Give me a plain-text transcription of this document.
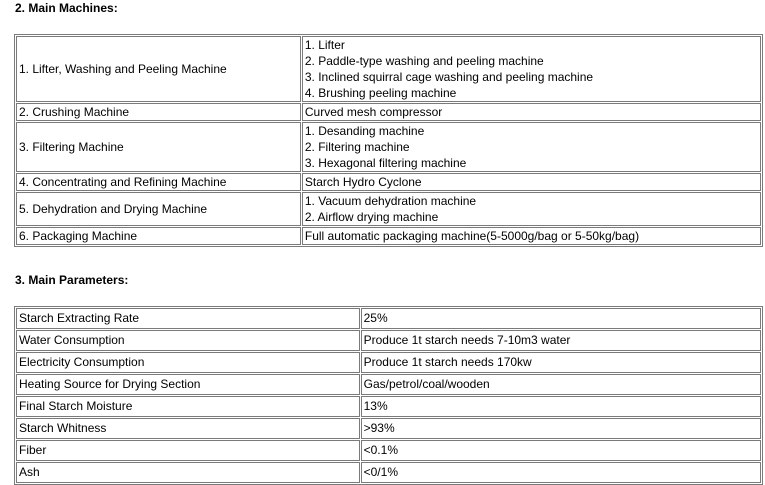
2. Main Machines:
1. Lifter, Washing and Peeling Machine	1. Lifter
2. Paddle-type washing and peeling machine
3. Inclined squirral cage washing and peeling machine
4. Brushing peeling machine

2. Crushing Machine	Curved mesh compressor

3. Filtering Machine	1. Desanding machine
2. Filtering machine
3. Hexagonal filtering machine

4. Concentrating and Refining Machine	Starch Hydro Cyclone

5. Dehydration and Drying Machine	1. Vacuum dehydration machine
2. Airflow drying machine

6. Packaging Machine	Full automatic packaging machine(5-5000g/bag or 5-50kg/bag)
3. Main Parameters:
Starch Extracting Rate	25%
Water Consumption	Produce 1t starch needs 7-10m3 water
Electricity Consumption	Produce 1t starch needs 170kw
Heating Source for Drying Section	Gas/petrol/coal/wooden
Final Starch Moisture	13%
Starch Whitness	>93%
Fiber	<0.1%
Ash	<0/1%
